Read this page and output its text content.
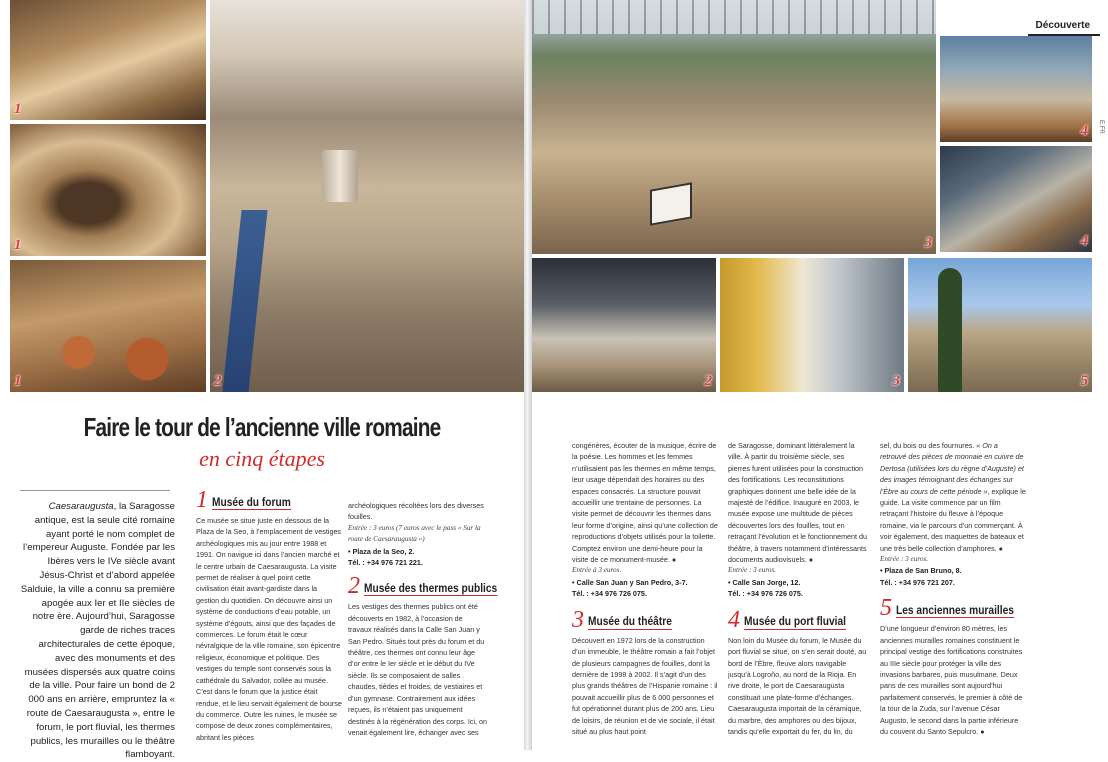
1
1
1	2
3
Découverte
4
4
E.FR
2	3	5
Faire le tour de l’ancienne ville romaine
en cinq étapes
Caesaraugusta, la Saragosse antique, est la seule cité romaine ayant porté le nom complet de l’empereur Auguste. Fondée par les Ibères vers le IVe siècle avant Jésus-Christ et d’abord appelée Salduie, la ville a connu sa première apogée aux Ier et IIe siècles de notre ère. Aujourd’hui, Saragosse garde de riches traces architecturales de cette époque, avec des monuments et des musées dispersés aux quatre coins de la ville. Pour faire un bond de 2 000 ans en arrière, empruntez la « route de Caesaraugusta », entre le forum, le port fluvial, les thermes publics, les murailles ou le théâtre flamboyant.
1 Musée du forum

Ce musée se situe juste en dessous de la Plaza de la Seo, à l’emplacement de vestiges archéologiques mis au jour entre 1988 et 1991. On navigue ici dans l’ancien marché et le centre urbain de Caesaraugusta. La visite permet de réaliser à quel point cette civilisation était avant-gardiste dans la gestion du quotidien. On découvre ainsi un système de conductions d’eau potable, un système d’égouts, ainsi que des façades de commerces. Le forum était le cœur névralgique de la ville romaine, son épicentre religieux, économique et politique. Des vestiges du temple sont conservés sous la cathédrale du Salvador, collée au musée. C’est dans le forum que la justice était rendue, et le lieu servait également de bourse du commerce. Outre les ruines, le musée se compose de deux zones complémentaires, abritant les pièces

archéologiques récoltées lors des diverses fouilles.

Entrée : 3 euros (7 euros avec le pass « Sur la route de Caesaraugusta »)

• Plaza de la Seo, 2.

Tél. : +34 976 721 221.

2 Musée des thermes publics

Les vestiges des thermes publics ont été découverts en 1982, à l’occasion de travaux réalisés dans la Calle San Juan y San Pedro. Situés tout près du forum et du théâtre, ces thermes ont connu leur âge d’or entre le Ier siècle et le début du IVe siècle. Ils se composaient de salles chaudes, tièdes et froides, de vestiaires et d’un gymnase. Contrairement aux idées reçues, ils n’étaient pas uniquement destinés à la régénération des corps. Ici, on venait également lire, échanger avec ses

congénères, écouter de la musique, écrire de la poésie. Les hommes et les femmes n’utilisaient pas les thermes en même temps, leur usage dépendait des horaires ou des espaces consacrés. La structure pouvait accueillir une trentaine de personnes. La visite permet de découvrir les thermes dans leur forme d’origine, ainsi qu’une collection de reproductions d’objets utilisés pour la toilette. Comptez environ une demi-heure pour la visite de ce monument-musée. ●

Entrée à 3 euros.

• Calle San Juan y San Pedro, 3-7.

Tél. : +34 976 726 075.

3 Musée du théâtre

Découvert en 1972 lors de la construction d’un immeuble, le théâtre romain a fait l’objet de plusieurs campagnes de fouilles, dont la dernière de 1998 à 2002. Il s’agit d’un des plus grands théâtres de l’Hispanie romaine : il pouvait accueillir plus de 6 000 personnes et fut opérationnel durant plus de 200 ans. Lieu de loisirs, de réunion et de vie sociale, il était situé au plus haut point

de Saragosse, dominant littéralement la ville. À partir du troisième siècle, ses pierres furent utilisées pour la construction des fortifications. Les reconstitutions graphiques donnent une belle idée de la majesté de l’édifice. Inauguré en 2003, le musée expose une multitude de pièces découvertes lors des fouilles, tout en retraçant l’évolution et le fonctionnement du théâtre, à travers notamment d’intéressants documents audiovisuels. ●

Entrée : 3 euros.

• Calle San Jorge, 12.

Tél. : +34 976 726 075.

4 Musée du port fluvial

Non loin du Musée du forum, le Musée du port fluvial se situe, on s’en serait douté, au bord de l’Èbre, fleuve alors navigable jusqu’à Logroño, au nord de la Rioja. En rive droite, le port de Caesaraugusta constituait une plate-forme d’échanges. Caesaraugusta importait de la céramique, du marbre, des amphores ou des bijoux, tandis qu’elle exportait du fer, du lin, du

sel, du bois ou des fournures. « On a retrouvé des pièces de monnaie en cuivre de Dertosa (utilisées lors du règne d’Auguste) et des images témoignant des échanges sur l’Èbre au cours de cette période », explique le guide. La visite commence par un film retraçant l’histoire du fleuve à l’époque romaine, via le parcours d’un commerçant. À voir également, des maquettes de bateaux et une très belle collection d’amphores. ●

Entrée : 3 euros.

• Plaza de San Bruno, 8.

Tél. : +34 976 721 207.

5 Les anciennes murailles

D’une longueur d’environ 80 mètres, les anciennes murailles romaines constituent le principal vestige des fortifications construites au IIIe siècle pour protéger la ville des invasions barbares, puis musulmane. Deux pans de ces murailles sont aujourd’hui parfaitement conservés, le premier à côté de la tour de la Zuda, sur l’avenue César Augusto, le second dans la partie inférieure du couvent du Santo Sepulcro. ●
